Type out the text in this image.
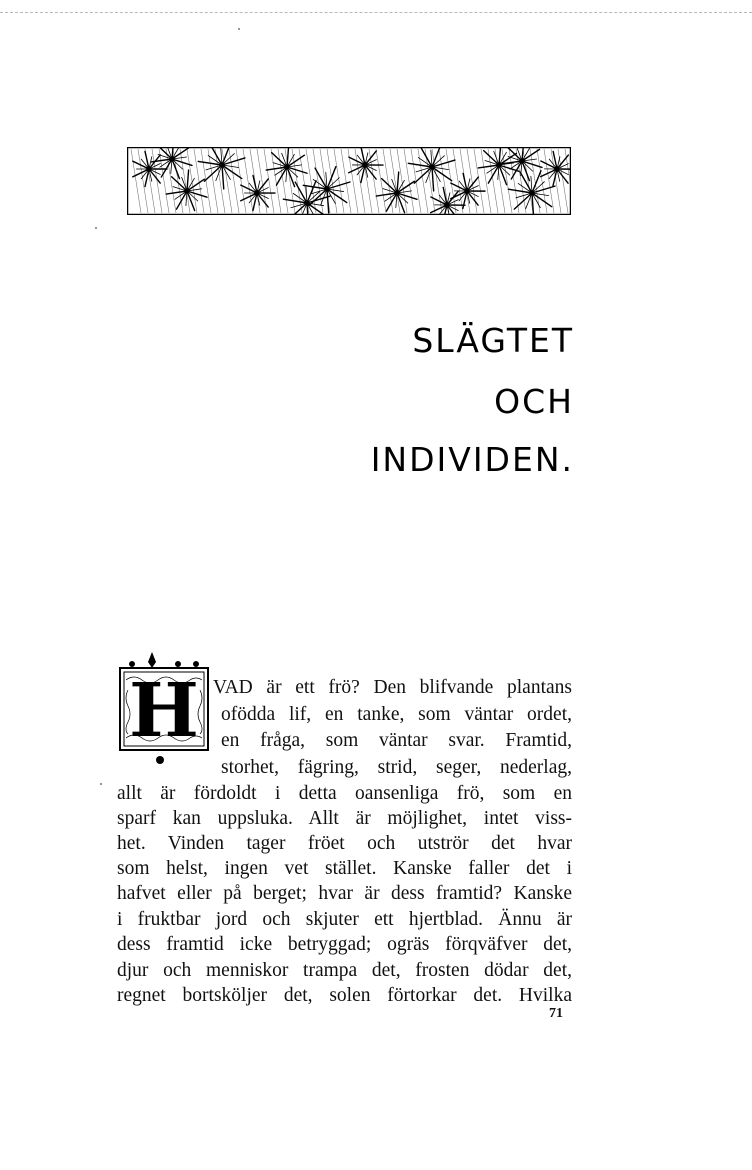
SLÄGTET
OCH
INDIVIDEN.
H VAD är ett frö? Den blifvande plantans
ofödda lif, en tanke, som väntar ordet,
en fråga, som väntar svar. Framtid,
storhet, fägring, strid, seger, nederlag,
allt är fördoldt i detta oansenliga frö, som en
sparf kan uppsluka. Allt är möjlighet, intet viss-
het. Vinden tager fröet och utströr det hvar
som helst, ingen vet stället. Kanske faller det i
hafvet eller på berget; hvar är dess framtid? Kanske
i fruktbar jord och skjuter ett hjertblad. Ännu är
dess framtid icke betryggad; ogräs förqväfver det,
djur och menniskor trampa det, frosten dödar det,
regnet bortsköljer det, solen förtorkar det. Hvilka
71
